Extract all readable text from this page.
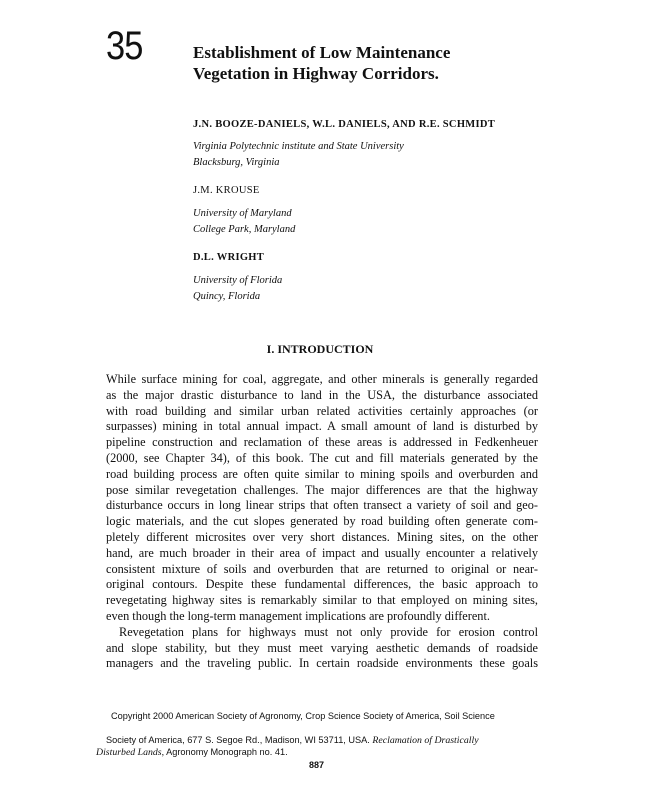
35	Establishment of Low Maintenance
Vegetation in Highway Corridors.
J.N. BOOZE-DANIELS, W.L. DANIELS, AND R.E. SCHMIDT
Virginia Polytechnic institute and State University
Blacksburg, Virginia
J.M. KROUSE
University of Maryland
College Park, Maryland
D.L. WRIGHT
University of Florida
Quincy, Florida
I. INTRODUCTION
While surface mining for coal, aggregate, and other minerals is generally regarded
as the major drastic disturbance to land in the USA, the disturbance associated
with road building and similar urban related activities certainly approaches (or
surpasses) mining in total annual impact. A small amount of land is disturbed by
pipeline construction and reclamation of these areas is addressed in Fedkenheuer
(2000, see Chapter 34), of this book. The cut and fill materials generated by the
road building process are often quite similar to mining spoils and overburden and
pose similar revegetation challenges. The major differences are that the highway
disturbance occurs in long linear strips that often transect a variety of soil and geo-
logic materials, and the cut slopes generated by road building often generate com-
pletely different microsites over very short distances. Mining sites, on the other
hand, are much broader in their area of impact and usually encounter a relatively
consistent mixture of soils and overburden that are returned to original or near-
original contours. Despite these fundamental differences, the basic approach to
revegetating highway sites is remarkably similar to that employed on mining sites,
even though the long-term management implications are profoundly different.
Revegetation plans for highways must not only provide for erosion control
and slope stability, but they must meet varying aesthetic demands of roadside
managers and the traveling public. In certain roadside environments these goals
Copyright 2000 American Society of Agronomy, Crop Science Society of America, Soil Science
Society of America, 677 S. Segoe Rd., Madison, WI 53711, USA. Reclamation of Drastically
Disturbed Lands, Agronomy Monograph no. 41.
887
